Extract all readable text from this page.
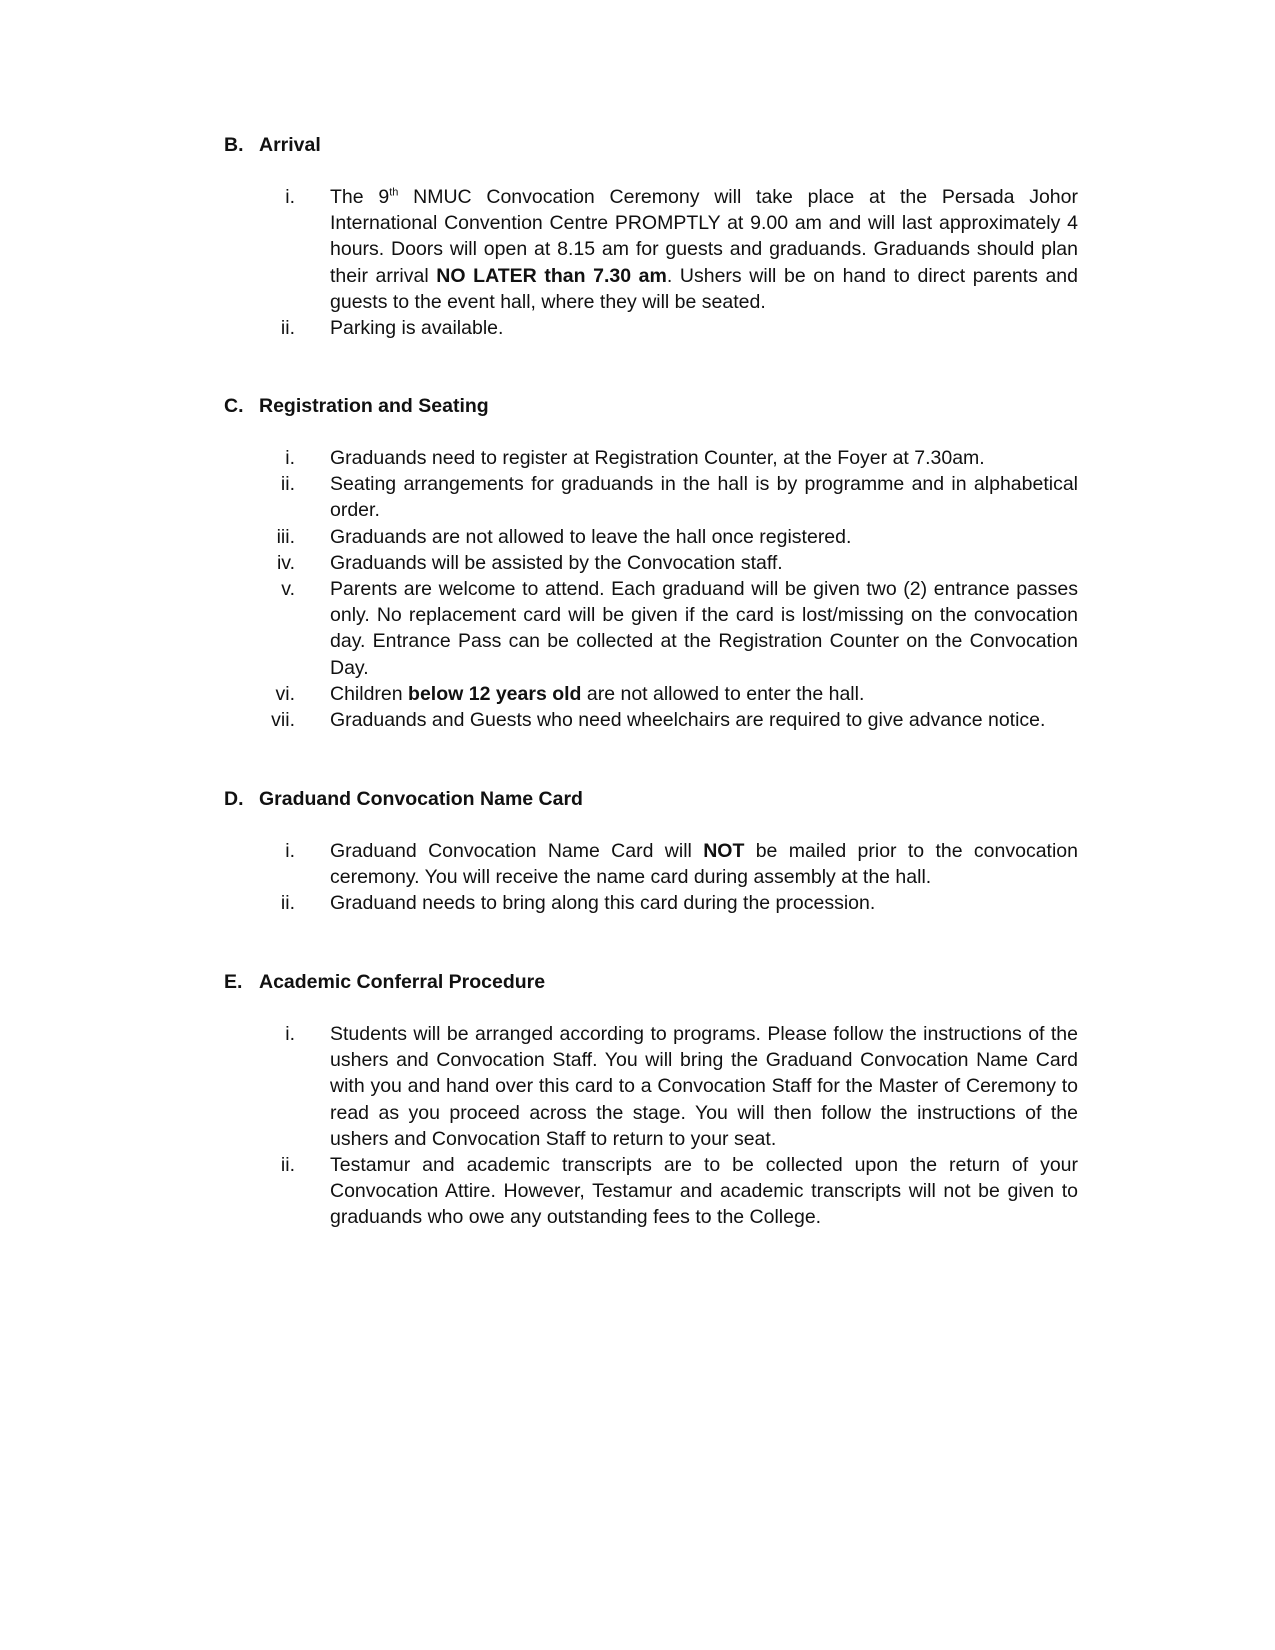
B. Arrival
i.	The 9th NMUC Convocation Ceremony will take place at the Persada Johor International Convention Centre PROMPTLY at 9.00 am and will last approximately 4 hours. Doors will open at 8.15 am for guests and graduands. Graduands should plan their arrival NO LATER than 7.30 am. Ushers will be on hand to direct parents and guests to the event hall, where they will be seated.
ii.	Parking is available.
C. Registration and Seating
i.	Graduands need to register at Registration Counter, at the Foyer at 7.30am.
ii.	Seating arrangements for graduands in the hall is by programme and in alphabetical order.
iii.	Graduands are not allowed to leave the hall once registered.
iv.	Graduands will be assisted by the Convocation staff.
v.	Parents are welcome to attend. Each graduand will be given two (2) entrance passes only. No replacement card will be given if the card is lost/missing on the convocation day. Entrance Pass can be collected at the Registration Counter on the Convocation Day.
vi.	Children below 12 years old are not allowed to enter the hall.
vii.	Graduands and Guests who need wheelchairs are required to give advance notice.
D. Graduand Convocation Name Card
i.	Graduand Convocation Name Card will NOT be mailed prior to the convocation ceremony. You will receive the name card during assembly at the hall.
ii.	Graduand needs to bring along this card during the procession.
E. Academic Conferral Procedure
i.	Students will be arranged according to programs. Please follow the instructions of the ushers and Convocation Staff. You will bring the Graduand Convocation Name Card with you and hand over this card to a Convocation Staff for the Master of Ceremony to read as you proceed across the stage. You will then follow the instructions of the ushers and Convocation Staff to return to your seat.
ii.	Testamur and academic transcripts are to be collected upon the return of your Convocation Attire. However, Testamur and academic transcripts will not be given to graduands who owe any outstanding fees to the College.
